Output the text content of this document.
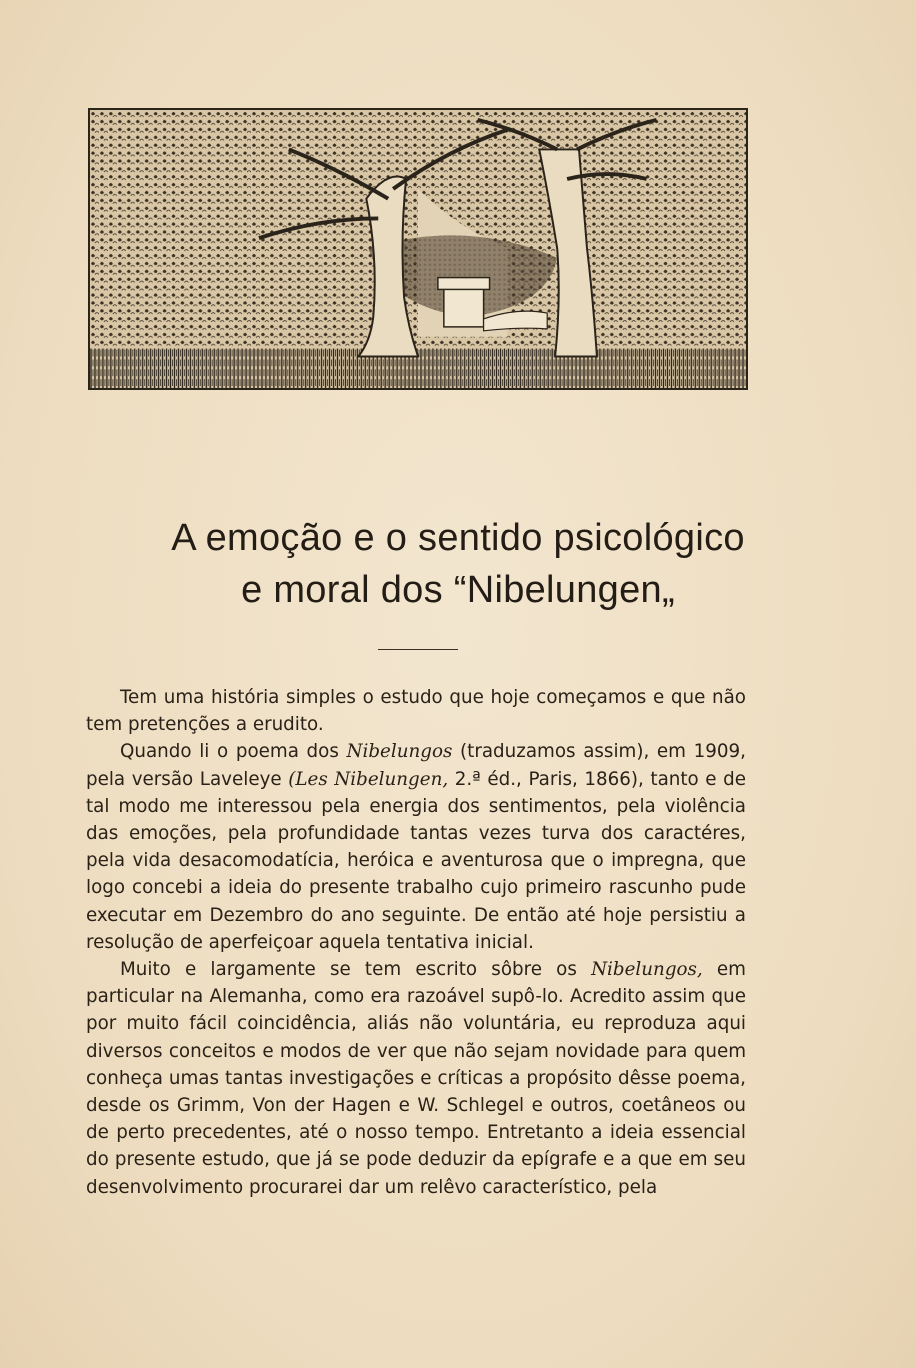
A emoção e o sentido psicológico
e moral dos “Nibelungen„

Tem uma história simples o estudo que hoje começamos e que não tem pretenções a erudito.

Quando li o poema dos Nibelungos (traduzamos assim), em 1909, pela versão Laveleye (Les Nibelungen, 2.ª éd., Paris, 1866), tanto e de tal modo me interessou pela energia dos sentimentos, pela violência das emoções, pela profundidade tantas vezes turva dos caractéres, pela vida desacomodatícia, heróica e aventurosa que o impregna, que logo concebi a ideia do presente trabalho cujo primeiro rascunho pude executar em Dezembro do ano seguinte. De então até hoje persistiu a resolução de aperfeiçoar aquela tentativa inicial.

Muito e largamente se tem escrito sôbre os Nibelungos, em particular na Alemanha, como era razoável supô-lo. Acredito assim que por muito fácil coincidência, aliás não voluntária, eu reproduza aqui diversos conceitos e modos de ver que não sejam novidade para quem conheça umas tantas investigações e críticas a propósito dêsse poema, desde os Grimm, Von der Hagen e W. Schlegel e outros, coetâneos ou de perto precedentes, até o nosso tempo. Entretanto a ideia essencial do presente estudo, que já se pode deduzir da epígrafe e a que em seu desenvolvimento procurarei dar um relêvo característico, pela
